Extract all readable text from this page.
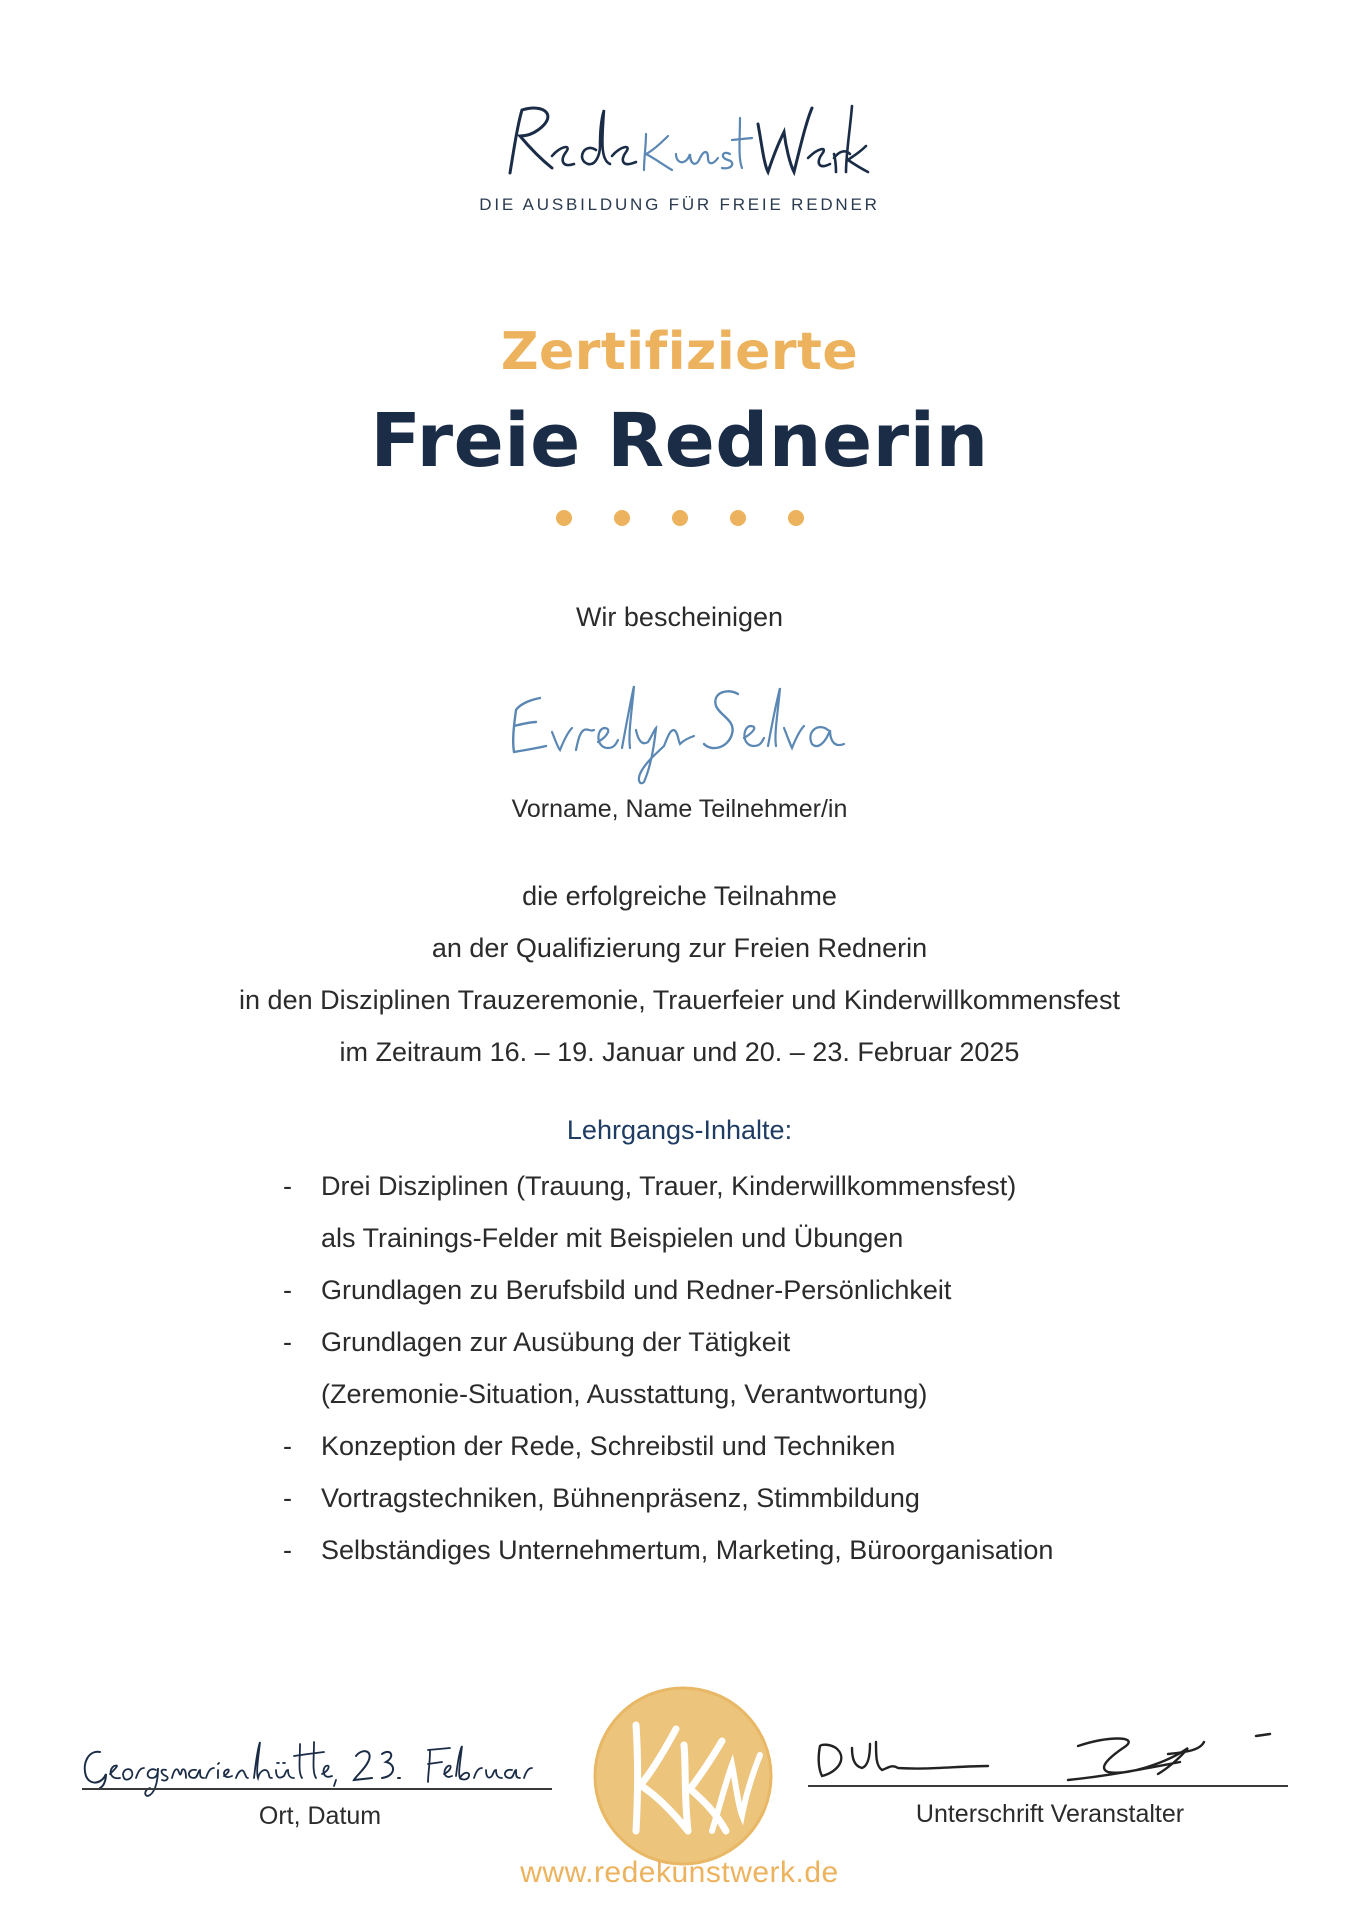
DIE AUSBILDUNG FÜR FREIE REDNER
Zertifizierte
Freie Rednerin
Wir bescheinigen
Vorname, Name Teilnehmer/in
die erfolgreiche Teilnahme
an der Qualifizierung zur Freien Rednerin
in den Disziplinen Trauzeremonie, Trauerfeier und Kinderwillkommensfest
im Zeitraum 16. – 19. Januar und 20. – 23. Februar 2025
Lehrgangs-Inhalte:
- Drei Disziplinen (Trauung, Trauer, Kinderwillkommensfest)
als Trainings-Felder mit Beispielen und Übungen
- Grundlagen zu Berufsbild und Redner-Persönlichkeit
- Grundlagen zur Ausübung der Tätigkeit
(Zeremonie-Situation, Ausstattung, Verantwortung)
- Konzeption der Rede, Schreibstil und Techniken
- Vortragstechniken, Bühnenpräsenz, Stimmbildung
- Selbständiges Unternehmertum, Marketing, Büroorganisation
Ort, Datum	Unterschrift Veranstalter
www.redekunstwerk.de
